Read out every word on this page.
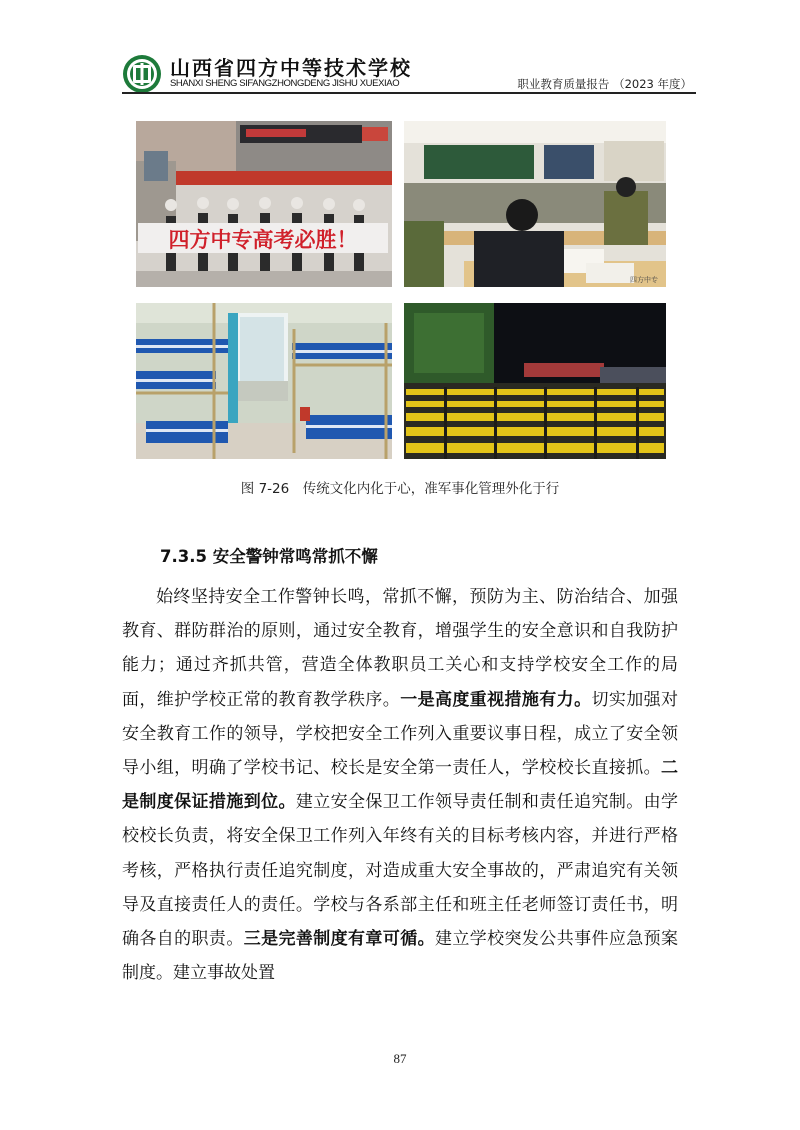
山西省四方中等技术学校
SHANXI SHENG SIFANGZHONGDENG JISHU XUEXIAO	职业教育质量报告 （2023 年度）
四方中专高考必胜！
四方中专
图 7-26　传统文化内化于心，准军事化管理外化于行
7.3.5 安全警钟常鸣常抓不懈
始终坚持安全工作警钟长鸣，常抓不懈，预防为主、防治结合、加强教育、群防群治的原则，通过安全教育，增强学生的安全意识和自我防护能力；通过齐抓共管，营造全体教职员工关心和支持学校安全工作的局面，维护学校正常的教育教学秩序。一是高度重视措施有力。切实加强对安全教育工作的领导，学校把安全工作列入重要议事日程，成立了安全领导小组，明确了学校书记、校长是安全第一责任人，学校校长直接抓。二是制度保证措施到位。建立安全保卫工作领导责任制和责任追究制。由学校校长负责，将安全保卫工作列入年终有关的目标考核内容，并进行严格考核，严格执行责任追究制度，对造成重大安全事故的，严肃追究有关领导及直接责任人的责任。学校与各系部主任和班主任老师签订责任书，明确各自的职责。三是完善制度有章可循。建立学校突发公共事件应急预案制度。建立事故处置
87
